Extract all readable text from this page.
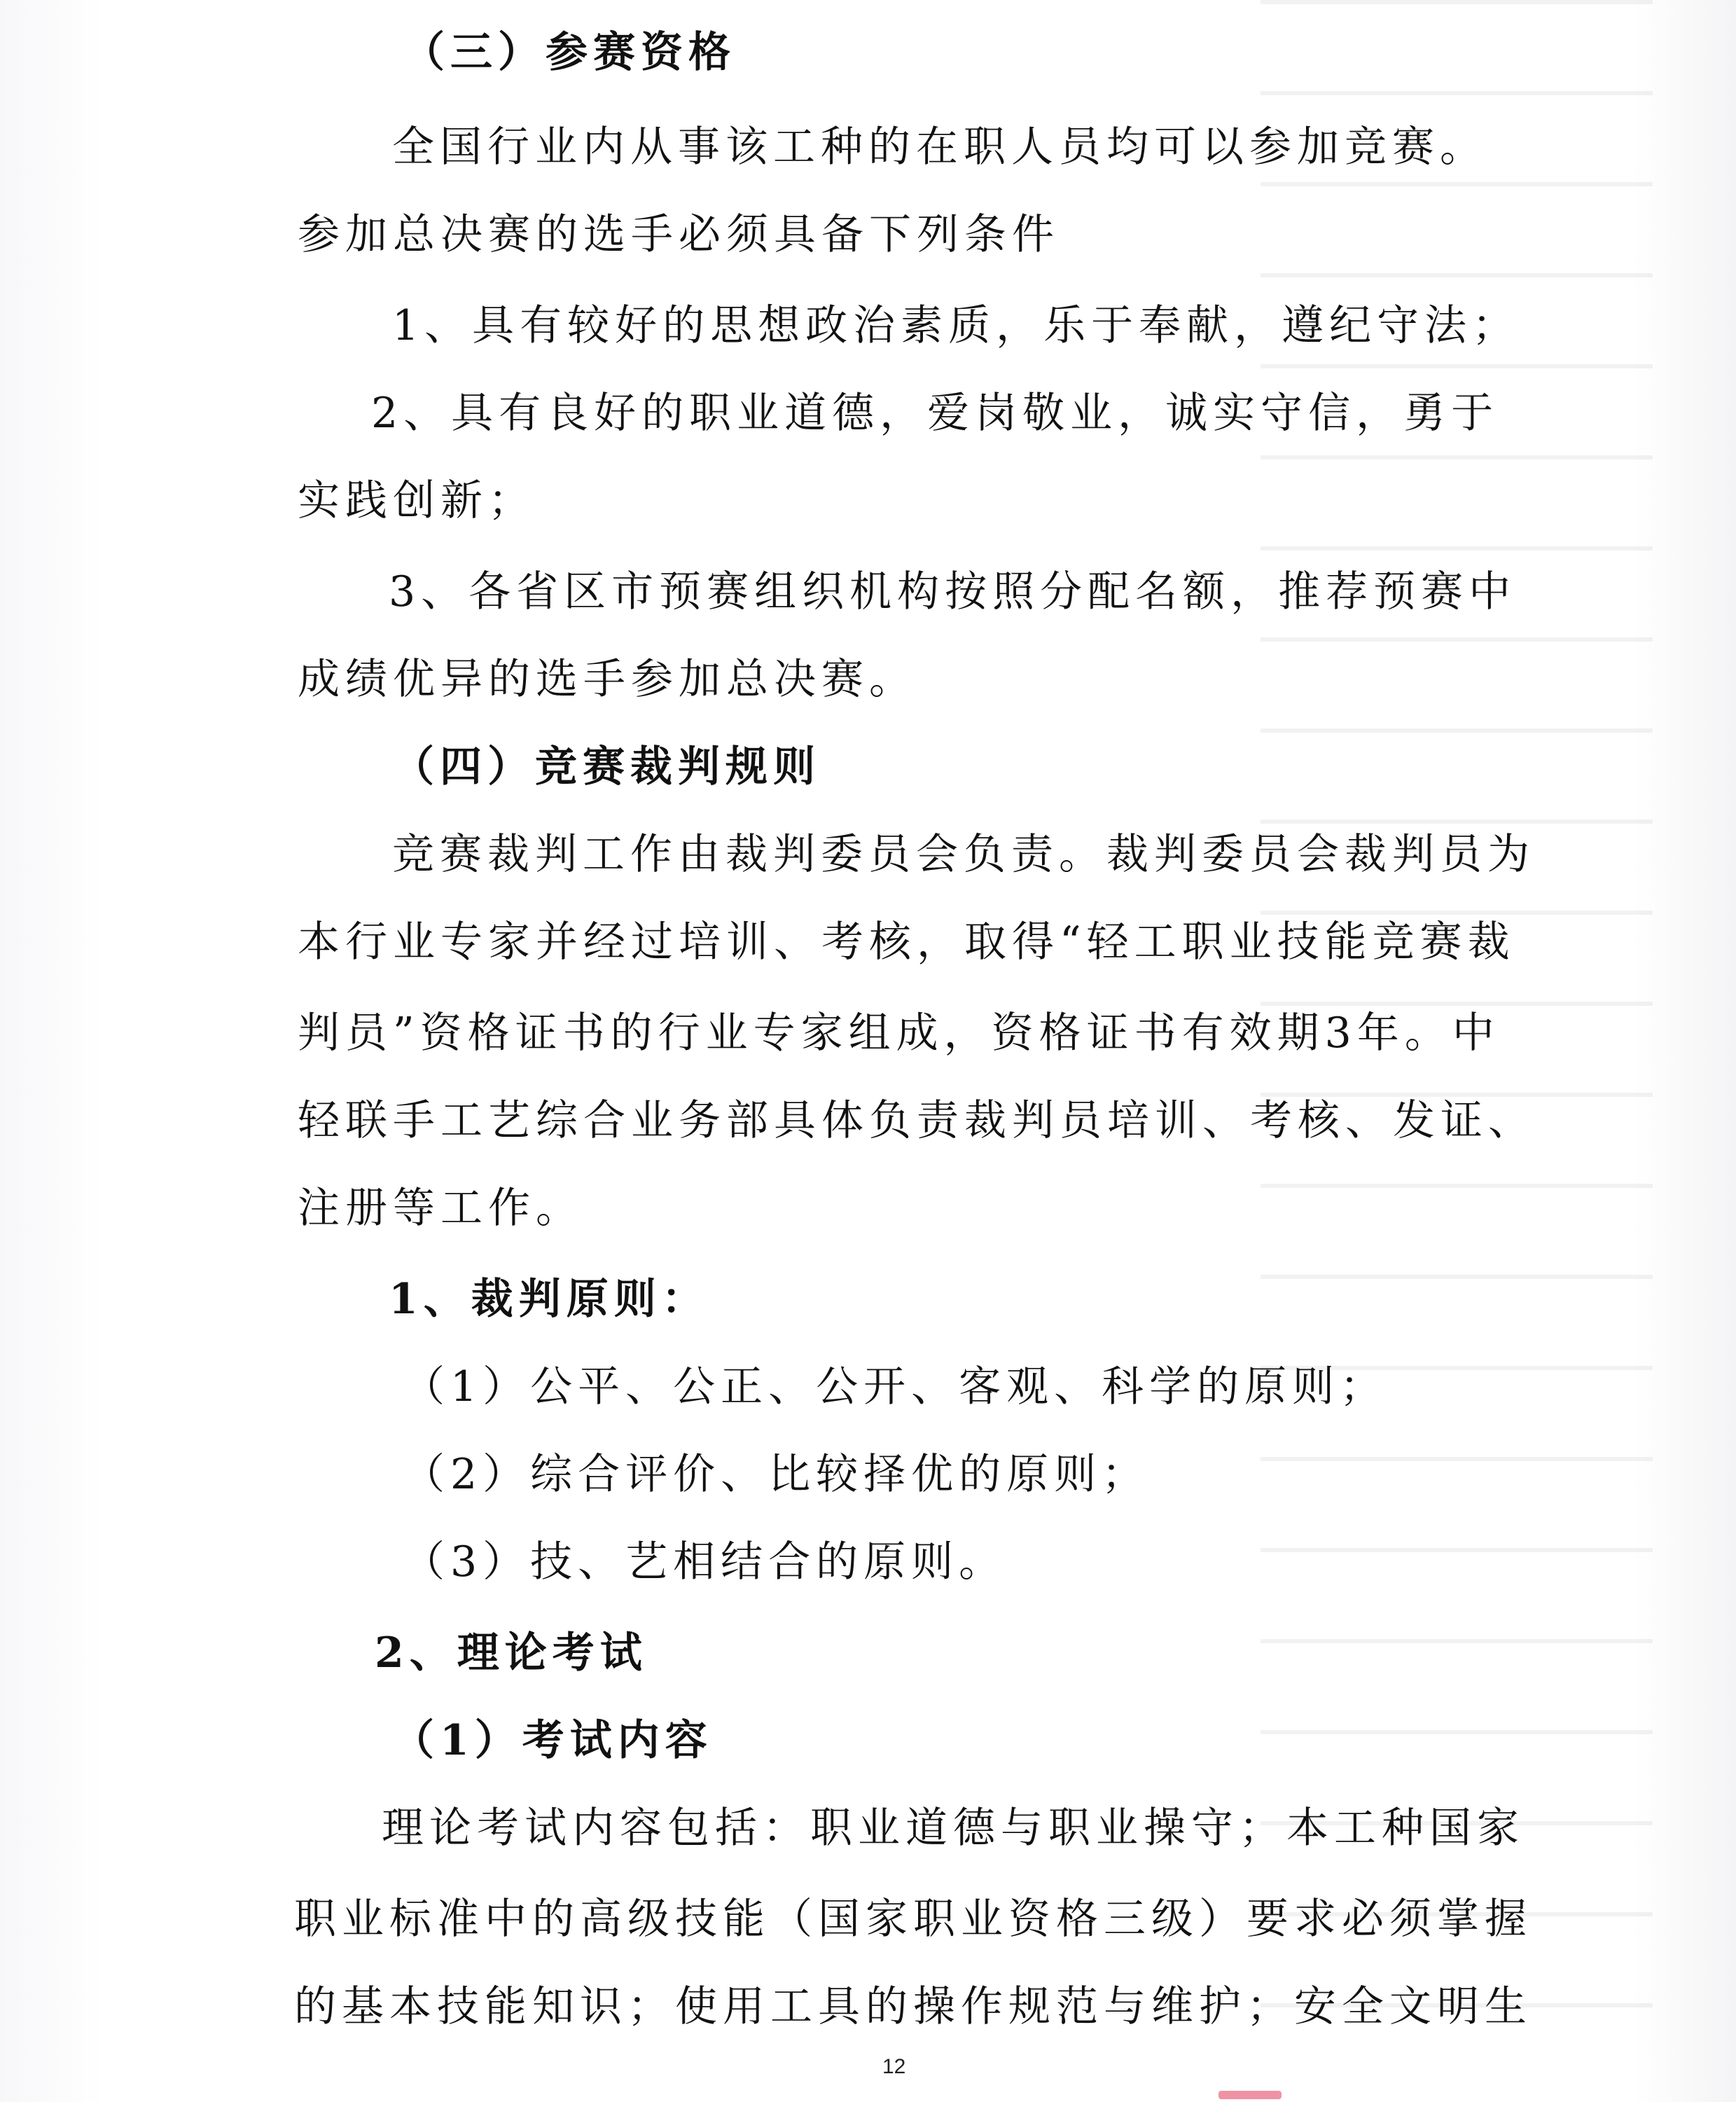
（三）参赛资格
全国行业内从事该工种的在职人员均可以参加竞赛。
参加总决赛的选手必须具备下列条件
1、具有较好的思想政治素质，乐于奉献，遵纪守法；
2、具有良好的职业道德，爱岗敬业，诚实守信，勇于
实践创新；
3、各省区市预赛组织机构按照分配名额，推荐预赛中
成绩优异的选手参加总决赛。
（四）竞赛裁判规则
竞赛裁判工作由裁判委员会负责。裁判委员会裁判员为
本行业专家并经过培训、考核，取得“轻工职业技能竞赛裁
判员”资格证书的行业专家组成，资格证书有效期3年。中
轻联手工艺综合业务部具体负责裁判员培训、考核、发证、
注册等工作。
1、裁判原则：
（1）公平、公正、公开、客观、科学的原则；
（2）综合评价、比较择优的原则；
（3）技、艺相结合的原则。
2、理论考试
（1）考试内容
理论考试内容包括：职业道德与职业操守；本工种国家
职业标准中的高级技能（国家职业资格三级）要求必须掌握
的基本技能知识；使用工具的操作规范与维护；安全文明生
12
